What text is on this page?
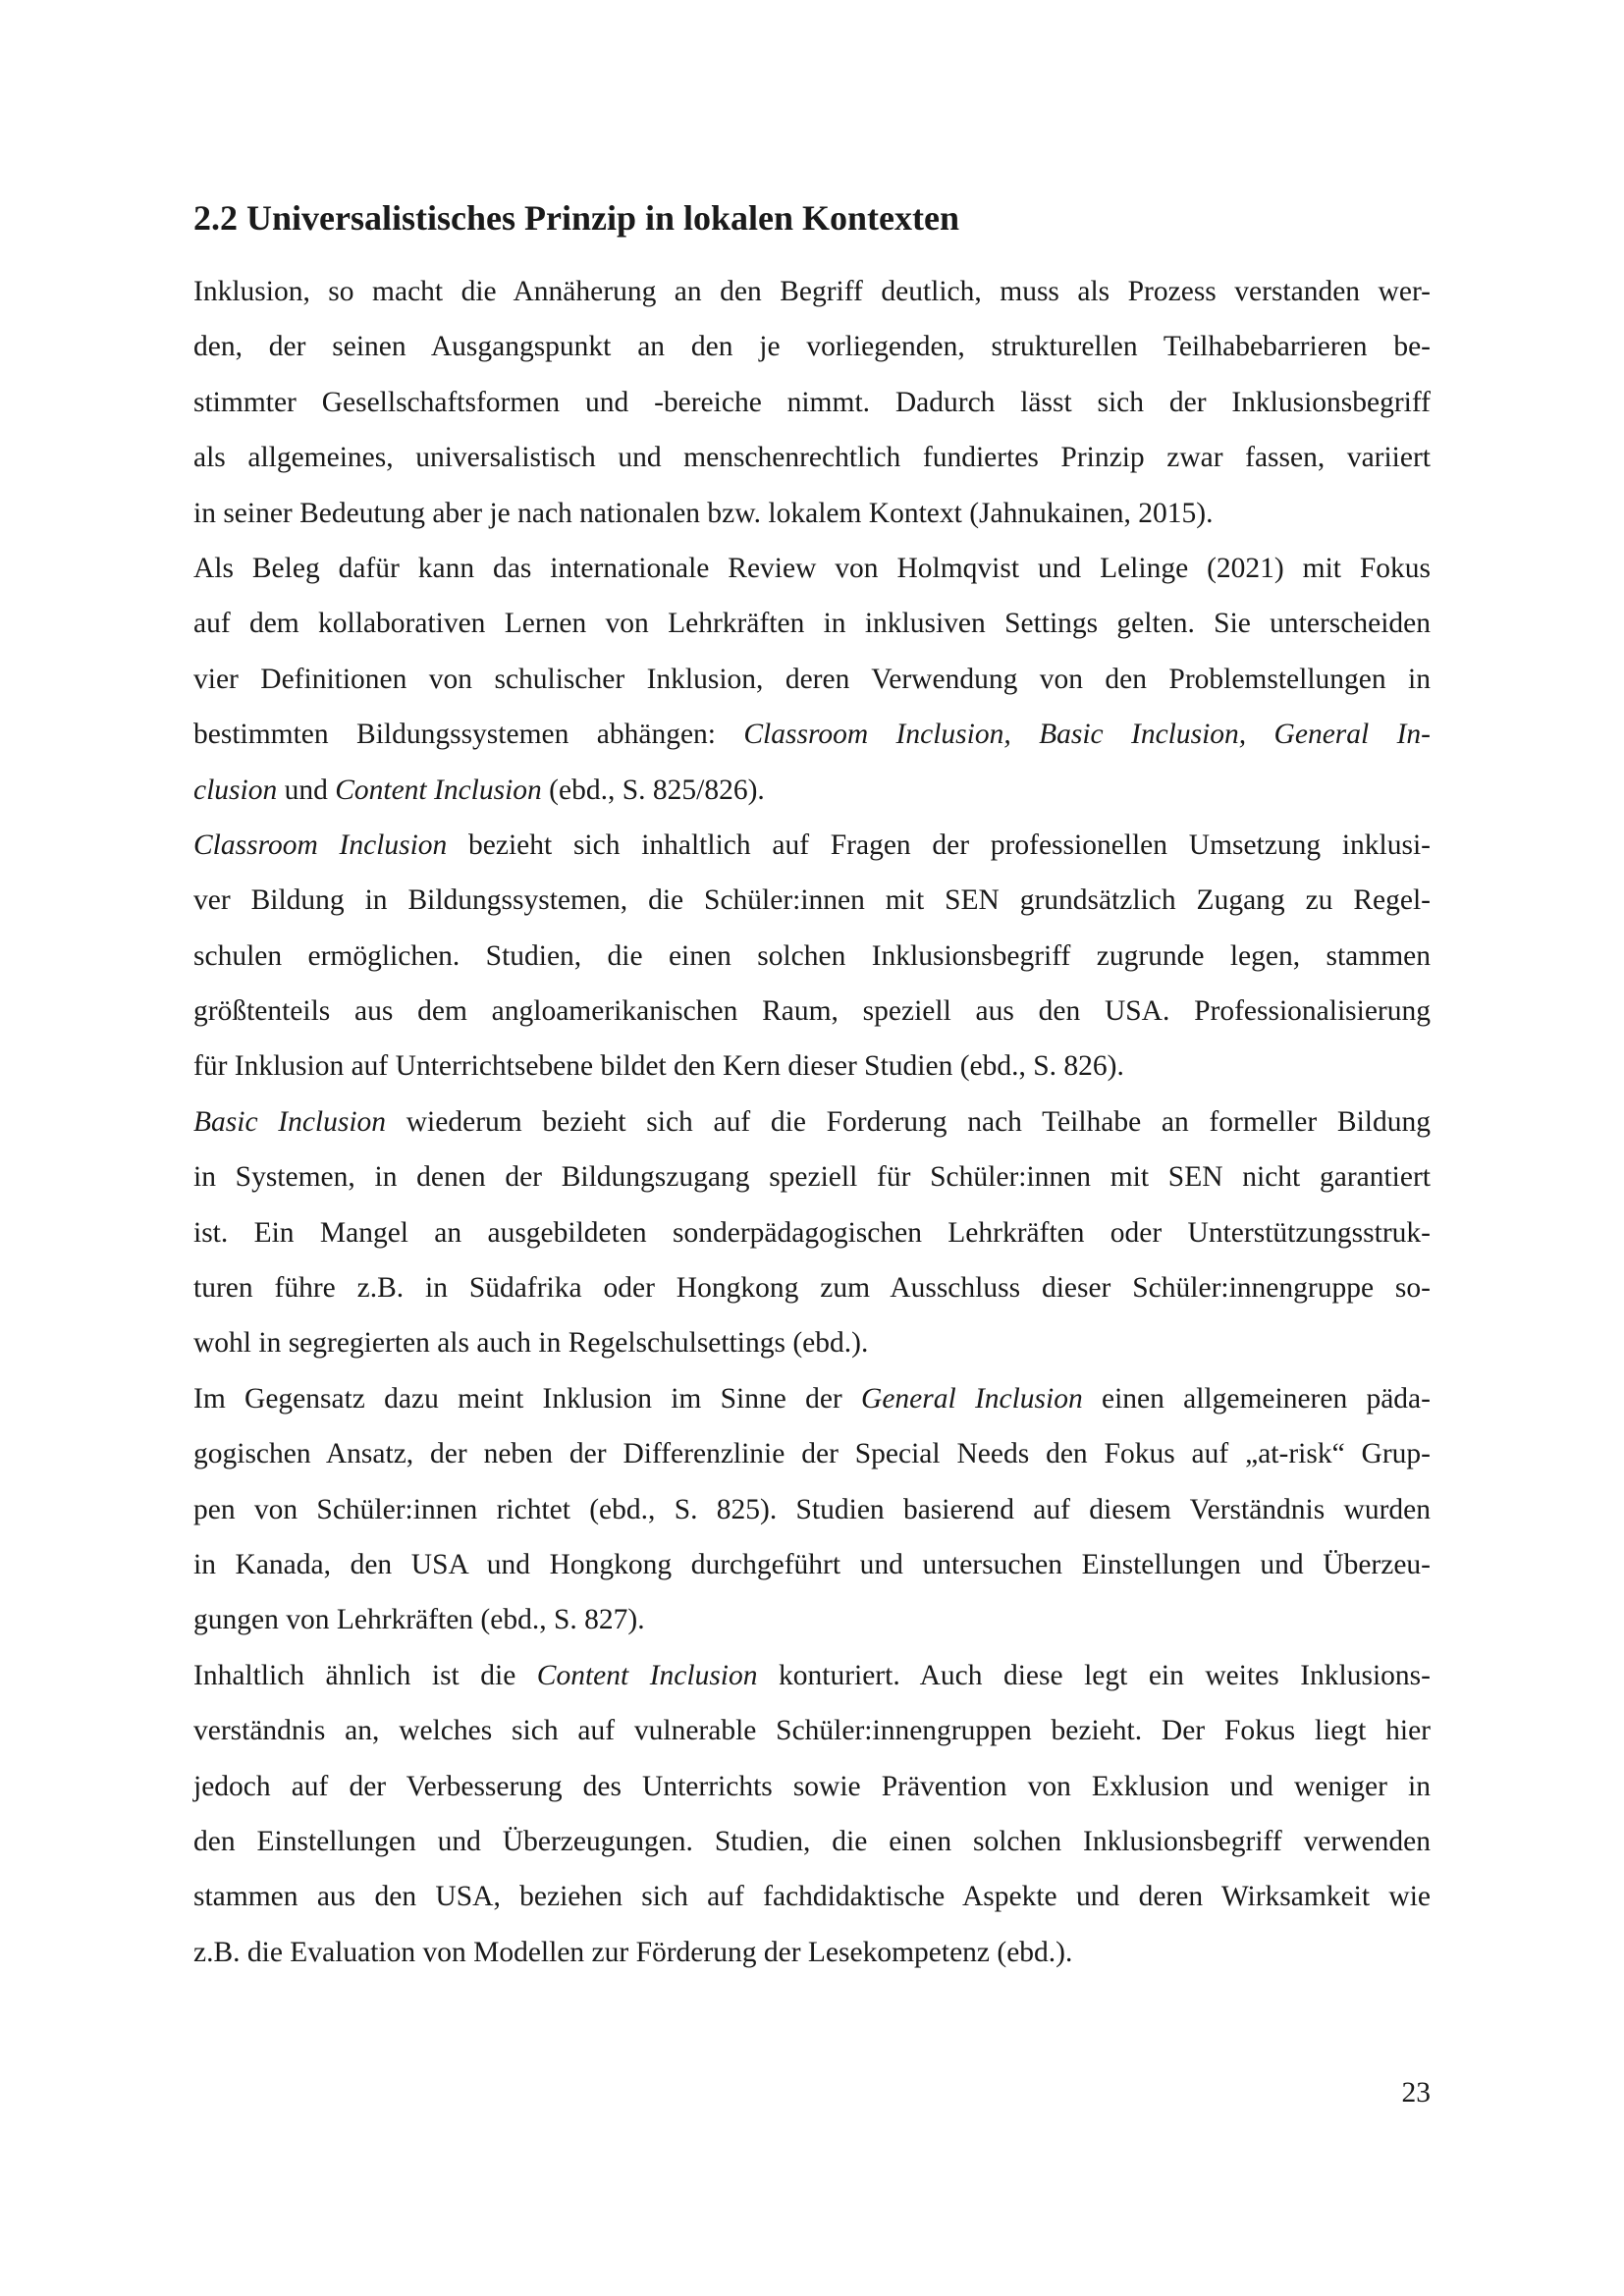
2.2 Universalistisches Prinzip in lokalen Kontexten
Inklusion, so macht die Annäherung an den Begriff deutlich, muss als Prozess verstanden wer-
den, der seinen Ausgangspunkt an den je vorliegenden, strukturellen Teilhabebarrieren be-
stimmter Gesellschaftsformen und -bereiche nimmt. Dadurch lässt sich der Inklusionsbegriff
als allgemeines, universalistisch und menschenrechtlich fundiertes Prinzip zwar fassen, variiert
in seiner Bedeutung aber je nach nationalen bzw. lokalem Kontext (Jahnukainen, 2015).
Als Beleg dafür kann das internationale Review von Holmqvist und Lelinge (2021) mit Fokus
auf dem kollaborativen Lernen von Lehrkräften in inklusiven Settings gelten. Sie unterscheiden
vier Definitionen von schulischer Inklusion, deren Verwendung von den Problemstellungen in
bestimmten Bildungssystemen abhängen: Classroom Inclusion, Basic Inclusion, General In-
clusion und Content Inclusion (ebd., S. 825/826).
Classroom Inclusion bezieht sich inhaltlich auf Fragen der professionellen Umsetzung inklusi-
ver Bildung in Bildungssystemen, die Schüler:innen mit SEN grundsätzlich Zugang zu Regel-
schulen ermöglichen. Studien, die einen solchen Inklusionsbegriff zugrunde legen, stammen
größtenteils aus dem angloamerikanischen Raum, speziell aus den USA. Professionalisierung
für Inklusion auf Unterrichtsebene bildet den Kern dieser Studien (ebd., S. 826).
Basic Inclusion wiederum bezieht sich auf die Forderung nach Teilhabe an formeller Bildung
in Systemen, in denen der Bildungszugang speziell für Schüler:innen mit SEN nicht garantiert
ist. Ein Mangel an ausgebildeten sonderpädagogischen Lehrkräften oder Unterstützungsstruk-
turen führe z.B. in Südafrika oder Hongkong zum Ausschluss dieser Schüler:innengruppe so-
wohl in segregierten als auch in Regelschulsettings (ebd.).
Im Gegensatz dazu meint Inklusion im Sinne der General Inclusion einen allgemeineren päda-
gogischen Ansatz, der neben der Differenzlinie der Special Needs den Fokus auf „at-risk“ Grup-
pen von Schüler:innen richtet (ebd., S. 825). Studien basierend auf diesem Verständnis wurden
in Kanada, den USA und Hongkong durchgeführt und untersuchen Einstellungen und Überzeu-
gungen von Lehrkräften (ebd., S. 827).
Inhaltlich ähnlich ist die Content Inclusion konturiert. Auch diese legt ein weites Inklusions-
verständnis an, welches sich auf vulnerable Schüler:innengruppen bezieht. Der Fokus liegt hier
jedoch auf der Verbesserung des Unterrichts sowie Prävention von Exklusion und weniger in
den Einstellungen und Überzeugungen. Studien, die einen solchen Inklusionsbegriff verwenden
stammen aus den USA, beziehen sich auf fachdidaktische Aspekte und deren Wirksamkeit wie
z.B. die Evaluation von Modellen zur Förderung der Lesekompetenz (ebd.).
23
